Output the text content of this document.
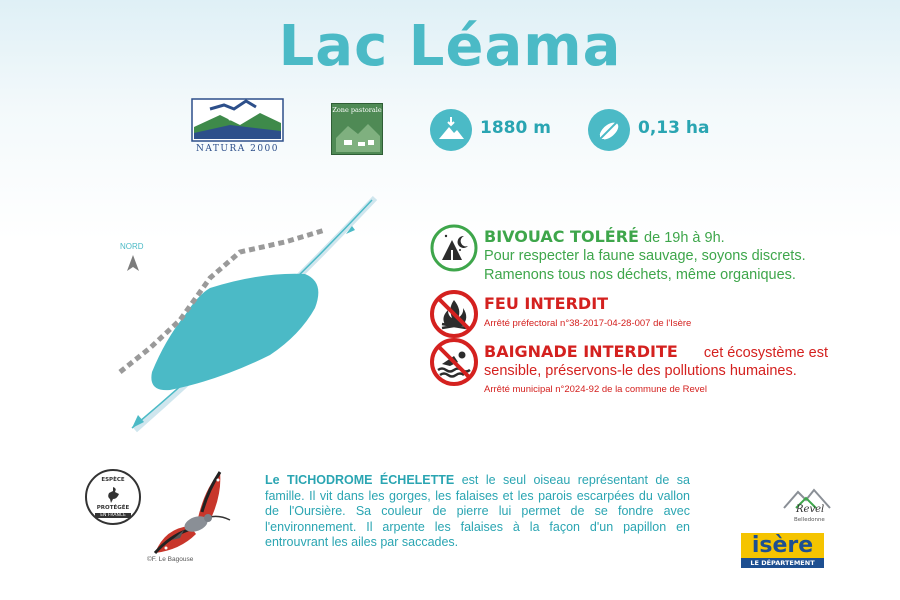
Lac Léama
NATURA 2000
Zone pastorale
1880 m	0,13 ha
NORD
BIVOUAC TOLÉRÉ de 19h à 9h.
Pour respecter la faune sauvage, soyons discrets.
Ramenons tous nos déchets, même organiques.
FEU INTERDIT
Arrêté préfectoral n°38-2017-04-28-007 de l'Isère
BAIGNADE INTERDITE cet écosystème est
sensible, préservons-le des pollutions humaines.
Arrêté municipal n°2024-92 de la commune de Revel
ESPÈCE
PROTÉGÉE
EN FRANCE
©F. Le Bagouse
Le TICHODROME ÉCHELETTE est le seul oiseau représentant de sa famille. Il vit dans les gorges, les falaises et les parois escarpées du vallon de l'Oursière. Sa couleur de pierre lui permet de se fondre avec l'environnement. Il arpente les falaises à la façon d'un papillon en entrouvrant les ailes par saccades.
Revel
Belledonne
isère
LE DÉPARTEMENT
